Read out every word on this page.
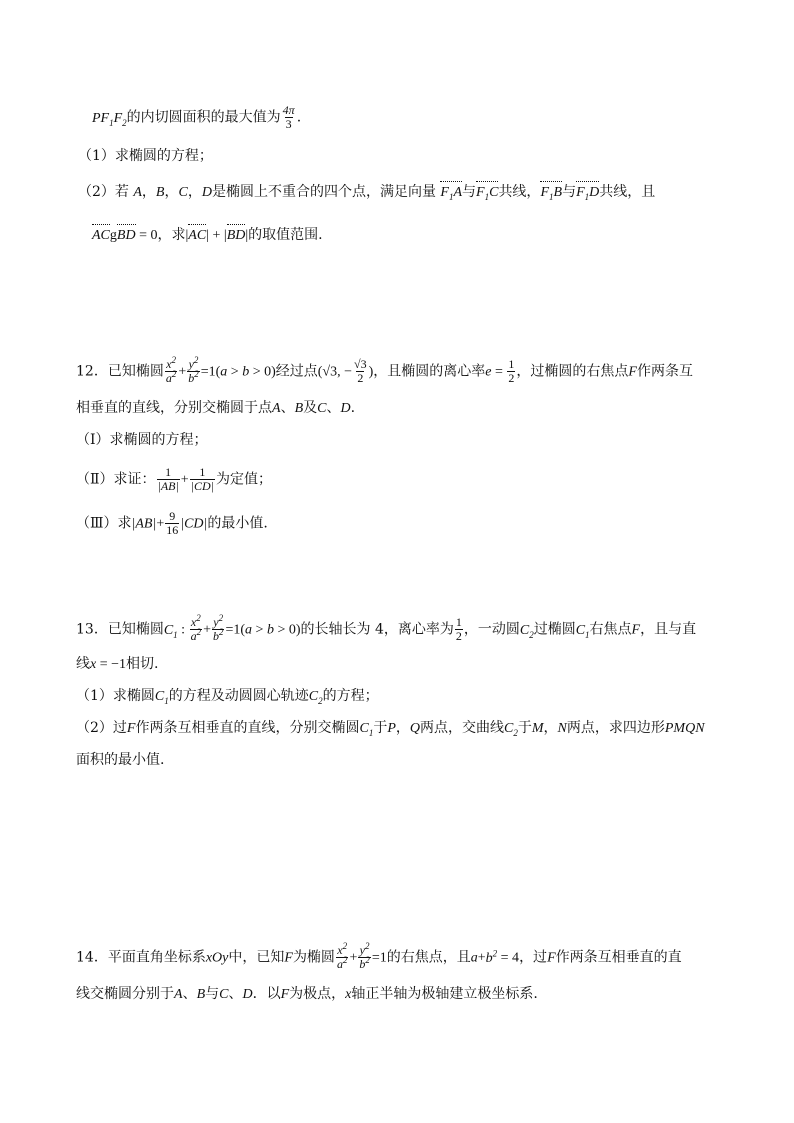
$PF_1F_2$的内切圆面积的最大值为 $\frac{4\pi}{3}$ .
（1）求椭圆的方程；
（2）若 A，B，C，D是椭圆上不重合的四个点，满足向量 $F_1A$与$F_1C$共线，$F_1B$与$F_1D$共线，且
ACgBD = 0，求|AC| + |BD|的取值范围.
12．已知椭圆 $\frac{x^2}{a^2} + \frac{y^2}{b^2} =1(a > b > 0)$经过点(√3, − $\frac{√3}{2}$ )，且椭圆的离心率$e = \frac{1}{2}$ ，过椭圆的右焦点F作两条互
相垂直的直线，分别交椭圆于点A、B及C、D.
（Ⅰ）求椭圆的方程；
（Ⅱ）求证： $\frac{1}{|AB|} + \frac{1}{|CD|}$ 为定值；
（Ⅲ）求$|AB|+ \frac{9}{16} |CD|$的最小值.
13．已知椭圆$C_1$ : $\frac{x^2}{a^2} + \frac{y^2}{b^2} =1(a > b > 0)$的长轴长为 4，离心率为 $\frac{1}{2}$ ，一动圆$C_2$过椭圆$C_1$右焦点F，且与直
线x = −1相切.
（1）求椭圆$C_1$的方程及动圆圆心轨迹$C_2$的方程；
（2）过F作两条互相垂直的直线，分别交椭圆$C_1$于P，Q两点，交曲线$C_2$于M，N两点，求四边形PMQN
面积的最小值.
14．平面直角坐标系xOy中，已知F为椭圆 $\frac{x^2}{a^2} + \frac{y^2}{b^2} =1$的右焦点，且$a+b^2 = 4$，过F作两条互相垂直的直
线交椭圆分别于A、B与C、D．以F为极点，x轴正半轴为极轴建立极坐标系.
